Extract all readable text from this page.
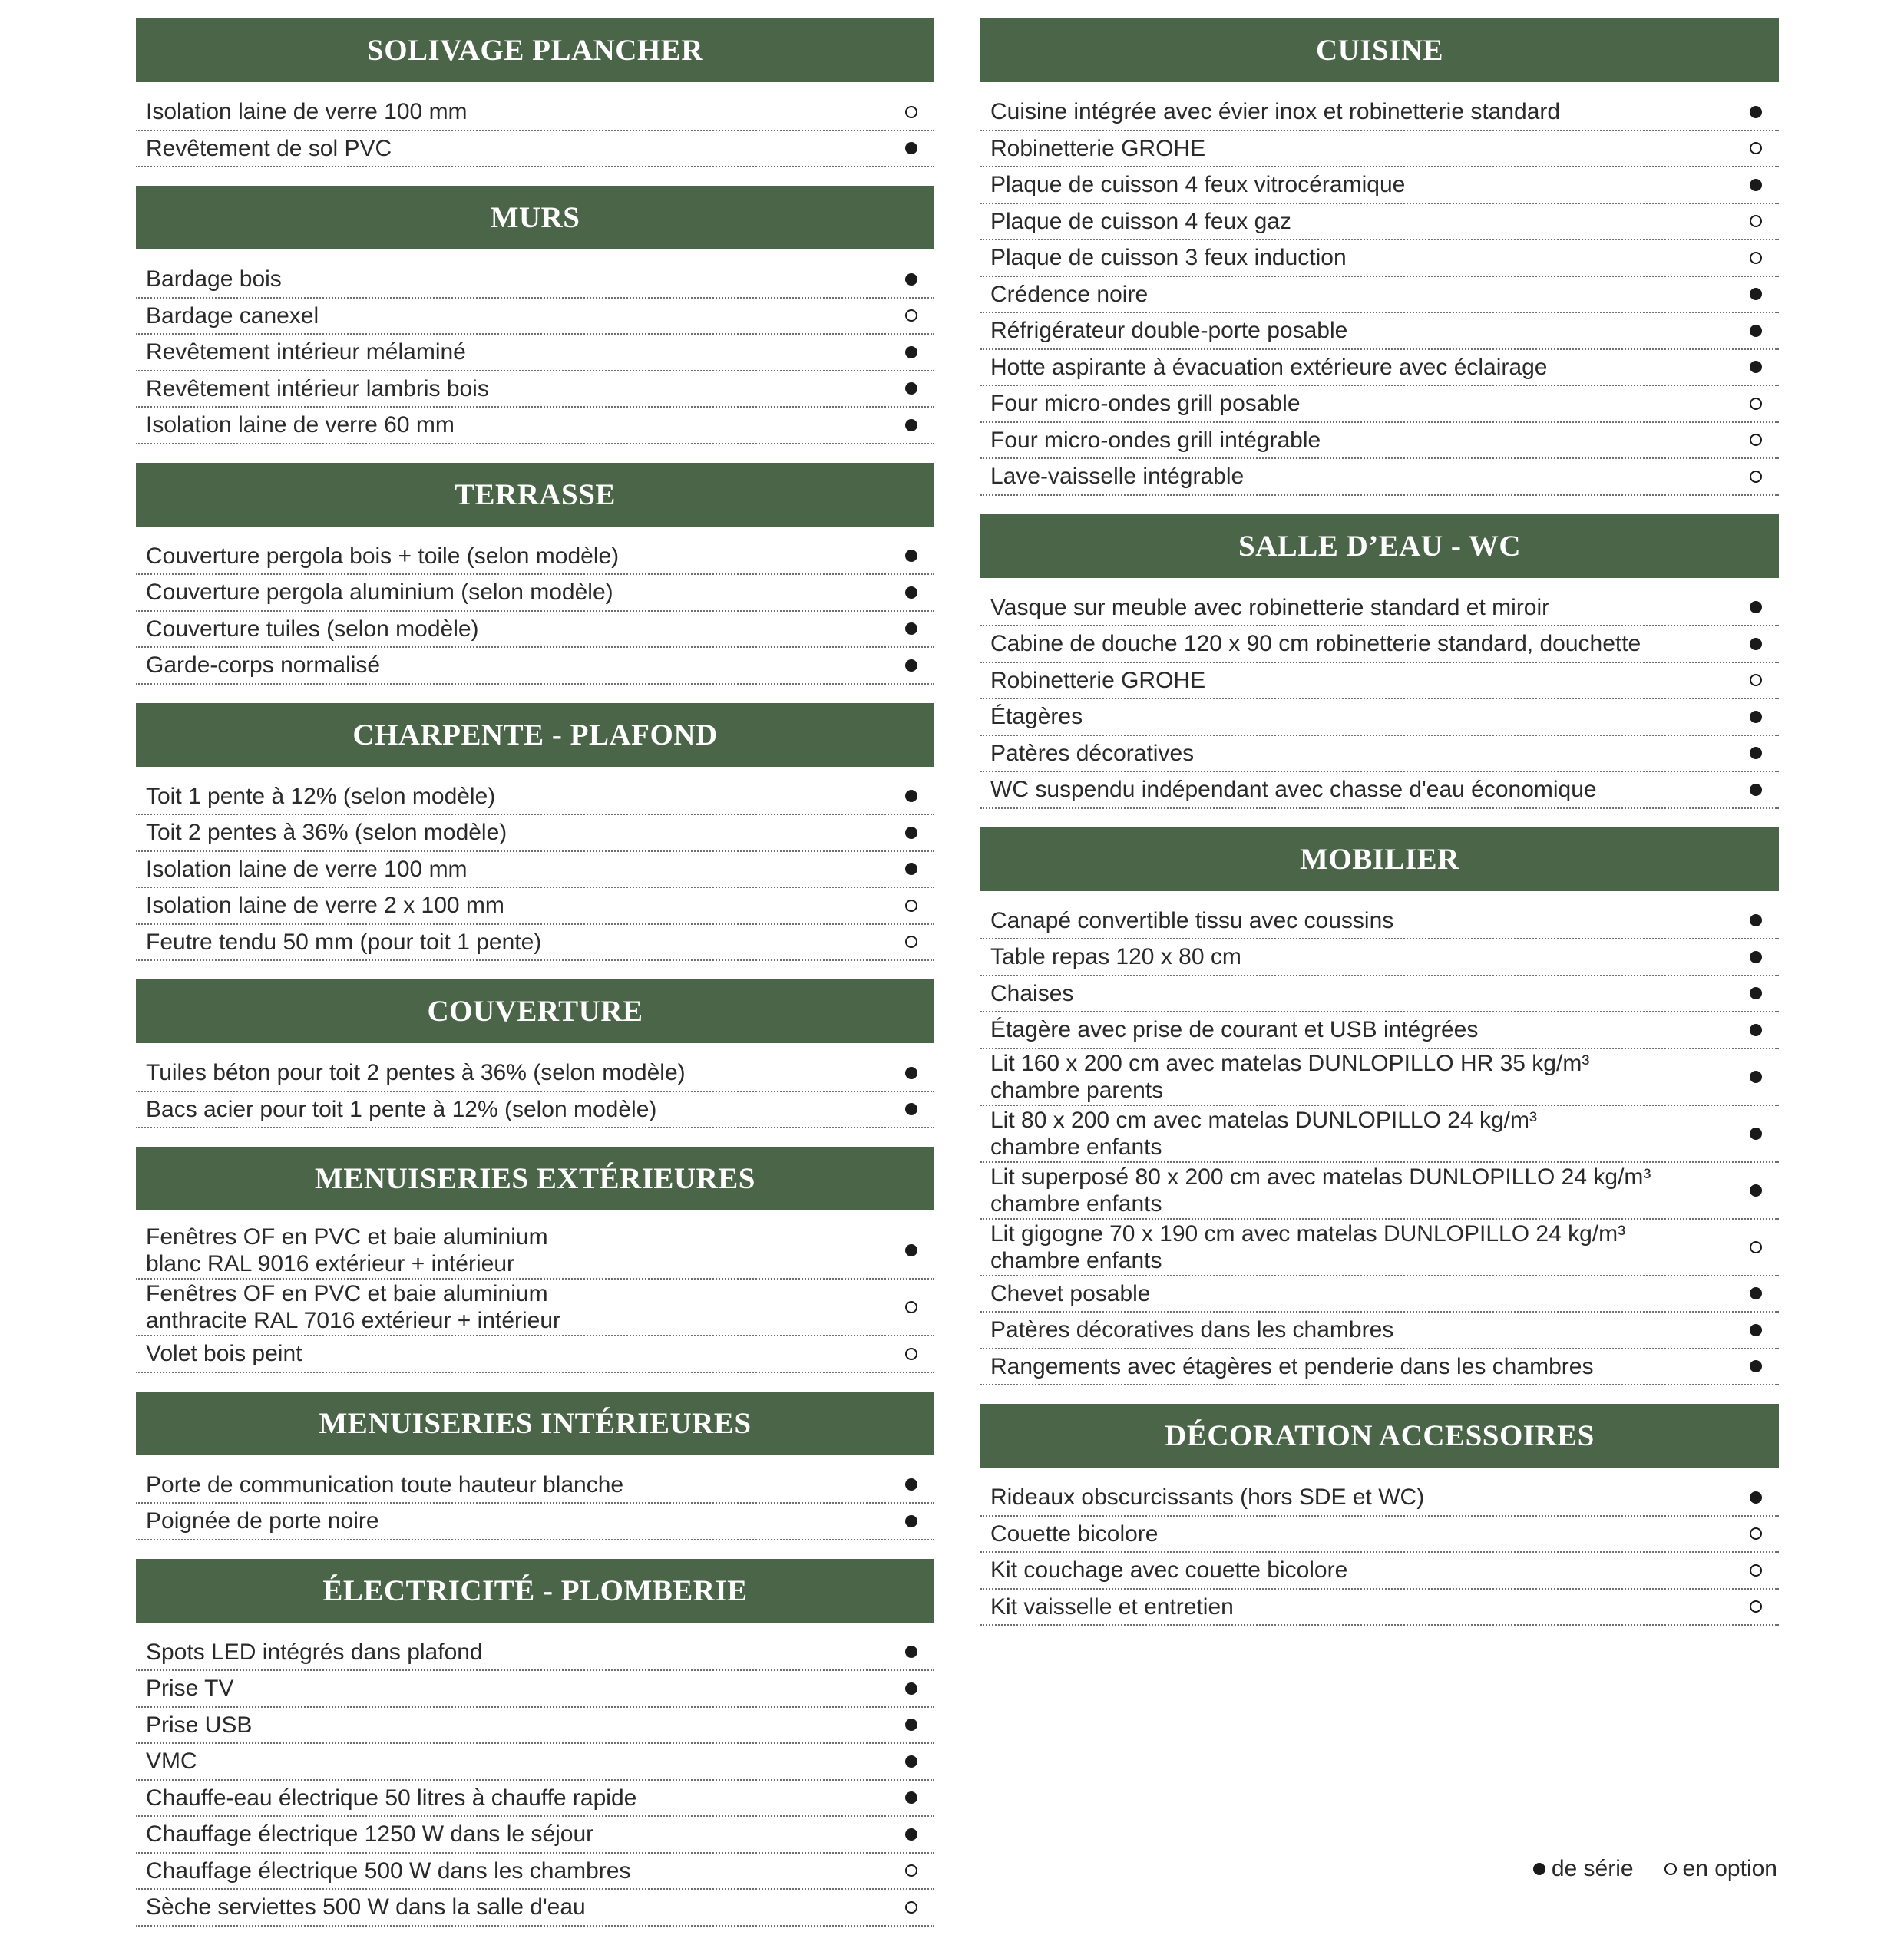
SOLIVAGE PLANCHER
Isolation laine de verre 100 mm
Revêtement de sol PVC
MURS
Bardage bois
Bardage canexel
Revêtement intérieur mélaminé
Revêtement intérieur lambris bois
Isolation laine de verre 60 mm
TERRASSE
Couverture pergola bois + toile (selon modèle)
Couverture pergola aluminium (selon modèle)
Couverture tuiles (selon modèle)
Garde-corps normalisé
CHARPENTE - PLAFOND
Toit 1 pente à 12% (selon modèle)
Toit 2 pentes à 36% (selon modèle)
Isolation laine de verre 100 mm
Isolation laine de verre 2 x 100 mm
Feutre tendu 50 mm (pour toit 1 pente)
COUVERTURE
Tuiles béton pour toit 2 pentes à 36% (selon modèle)
Bacs acier pour toit 1 pente à 12% (selon modèle)
MENUISERIES EXTÉRIEURES
Fenêtres OF en PVC et baie aluminium
blanc RAL 9016 extérieur + intérieur
Fenêtres OF en PVC et baie aluminium
anthracite RAL 7016 extérieur + intérieur
Volet bois peint
MENUISERIES INTÉRIEURES
Porte de communication toute hauteur blanche
Poignée de porte noire
ÉLECTRICITÉ - PLOMBERIE
Spots LED intégrés dans plafond
Prise TV
Prise USB
VMC
Chauffe-eau électrique 50 litres à chauffe rapide
Chauffage électrique 1250 W dans le séjour
Chauffage électrique 500 W dans les chambres
Sèche serviettes 500 W dans la salle d'eau
CUISINE
Cuisine intégrée avec évier inox et robinetterie standard
Robinetterie GROHE
Plaque de cuisson 4 feux vitrocéramique
Plaque de cuisson 4 feux gaz
Plaque de cuisson 3 feux induction
Crédence noire
Réfrigérateur double-porte posable
Hotte aspirante à évacuation extérieure avec éclairage
Four micro-ondes grill posable
Four micro-ondes grill intégrable
Lave-vaisselle intégrable
SALLE D’EAU - WC
Vasque sur meuble avec robinetterie standard et miroir
Cabine de douche 120 x 90 cm robinetterie standard, douchette
Robinetterie GROHE
Étagères
Patères décoratives
WC suspendu indépendant avec chasse d'eau économique
MOBILIER
Canapé convertible tissu avec coussins
Table repas 120 x 80 cm
Chaises
Étagère avec prise de courant et USB intégrées
Lit 160 x 200 cm avec matelas DUNLOPILLO HR 35 kg/m³
chambre parents
Lit 80 x 200 cm avec matelas DUNLOPILLO 24 kg/m³
chambre enfants
Lit superposé 80 x 200 cm avec matelas DUNLOPILLO 24 kg/m³
chambre enfants
Lit gigogne 70 x 190 cm avec matelas DUNLOPILLO 24 kg/m³
chambre enfants
Chevet posable
Patères décoratives dans les chambres
Rangements avec étagères et penderie dans les chambres
DÉCORATION ACCESSOIRES
Rideaux obscurcissants (hors SDE et WC)
Couette bicolore
Kit couchage avec couette bicolore
Kit vaisselle et entretien
de série en option
